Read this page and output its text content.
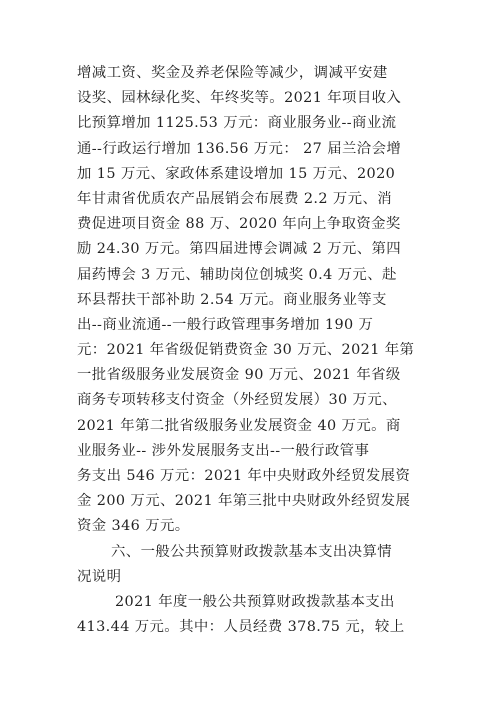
增减工资、奖金及养老保险等减少，调减平安建
设奖、园林绿化奖、年终奖等。2021 年项目收入
比预算增加 1125.53 万元：商业服务业--商业流
通--行政运行增加 136.56 万元： 27 届兰洽会增
加 15 万元、家政体系建设增加 15 万元、2020
年甘肃省优质农产品展销会布展费 2.2 万元、消
费促进项目资金 88 万、2020 年向上争取资金奖
励 24.30 万元。第四届进博会调减 2 万元、第四
届药博会 3 万元、辅助岗位创城奖 0.4 万元、赴
环县帮扶干部补助 2.54 万元。商业服务业等支
出--商业流通--一般行政管理事务增加 190 万
元：2021 年省级促销费资金 30 万元、2021 年第
一批省级服务业发展资金 90 万元、2021 年省级
商务专项转移支付资金（外经贸发展）30 万元、
2021 年第二批省级服务业发展资金 40 万元。商
业服务业-- 涉外发展服务支出--一般行政管事
务支出 546 万元：2021 年中央财政外经贸发展资
金 200 万元、2021 年第三批中央财政外经贸发展
资金 346 万元。
六、一般公共预算财政拨款基本支出决算情
况说明
2021 年度一般公共预算财政拨款基本支出
413.44 万元。其中：人员经费 378.75 元，较上
